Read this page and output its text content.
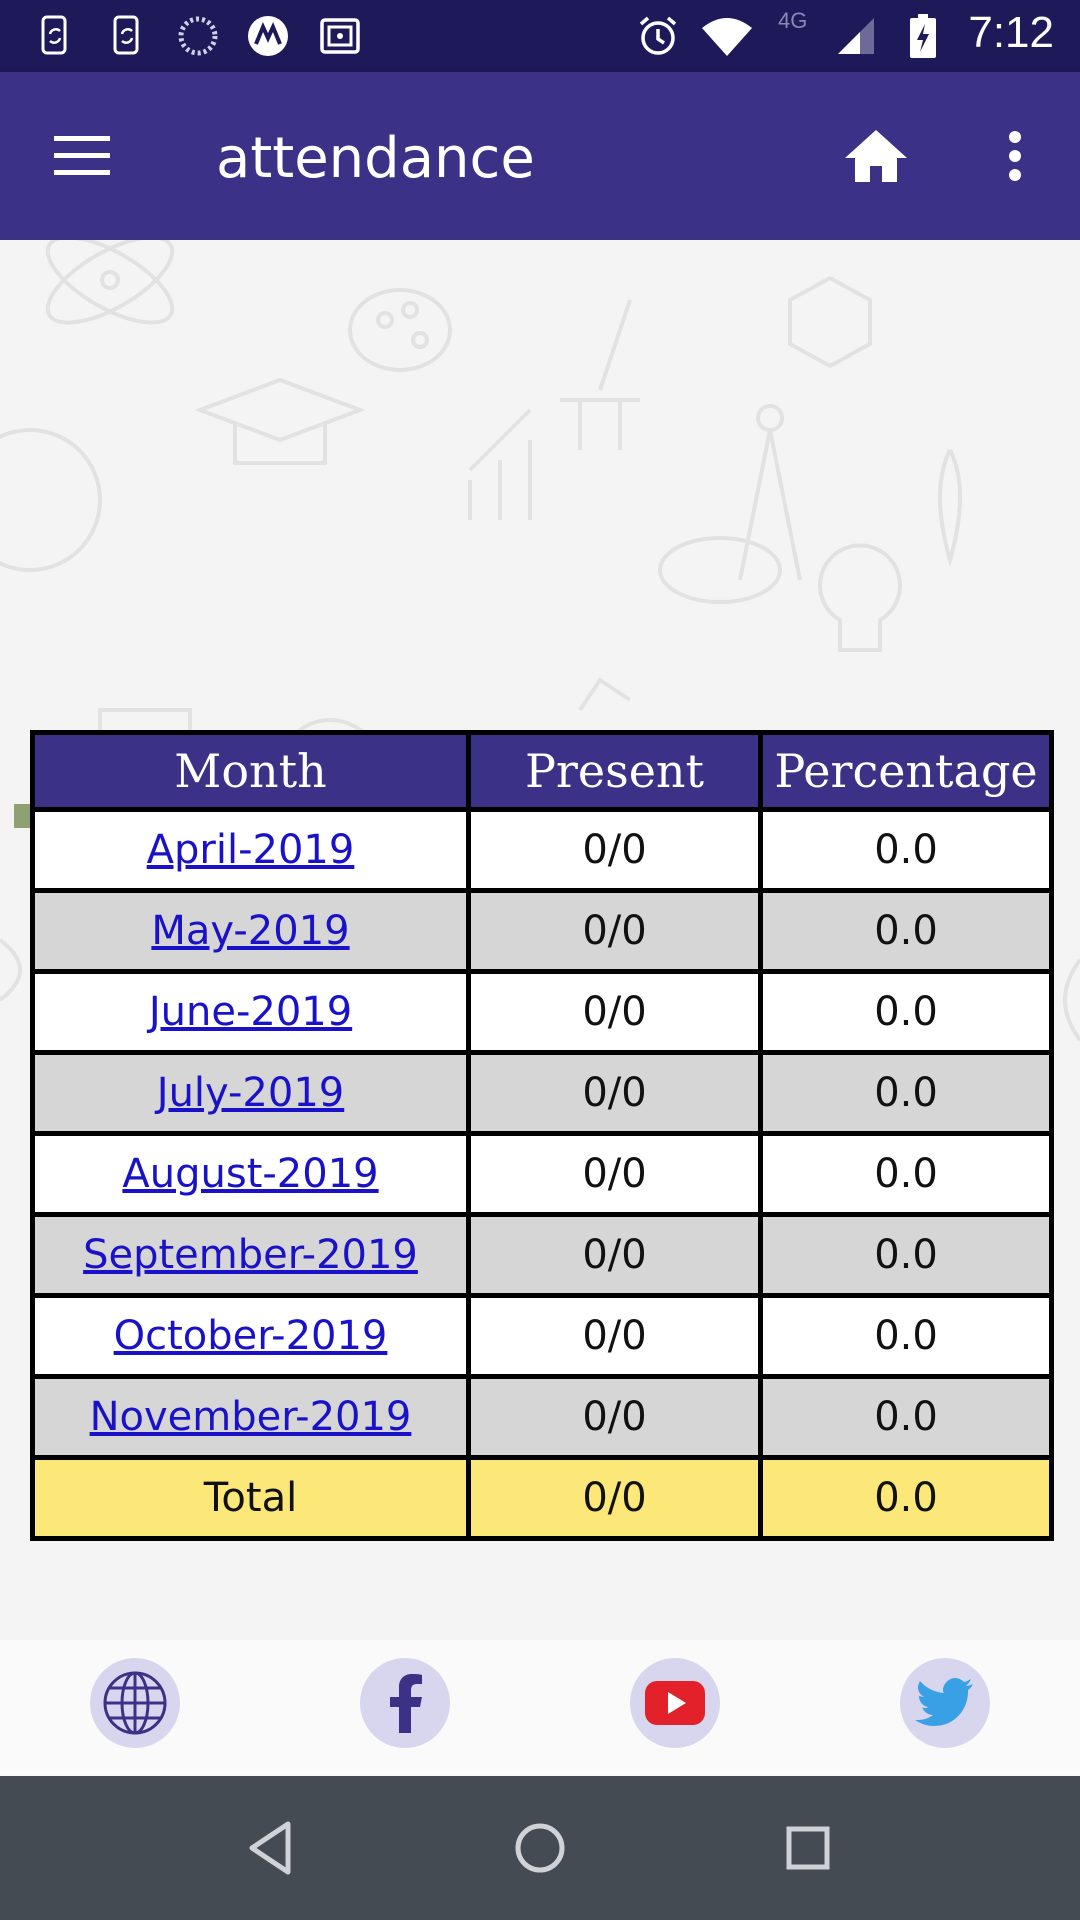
4G	7:12
attendance
Month	Present	Percentage
April-2019	0/0	0.0
May-2019	0/0	0.0
June-2019	0/0	0.0
July-2019	0/0	0.0
August-2019	0/0	0.0
September-2019	0/0	0.0
October-2019	0/0	0.0
November-2019	0/0	0.0
Total	0/0	0.0
